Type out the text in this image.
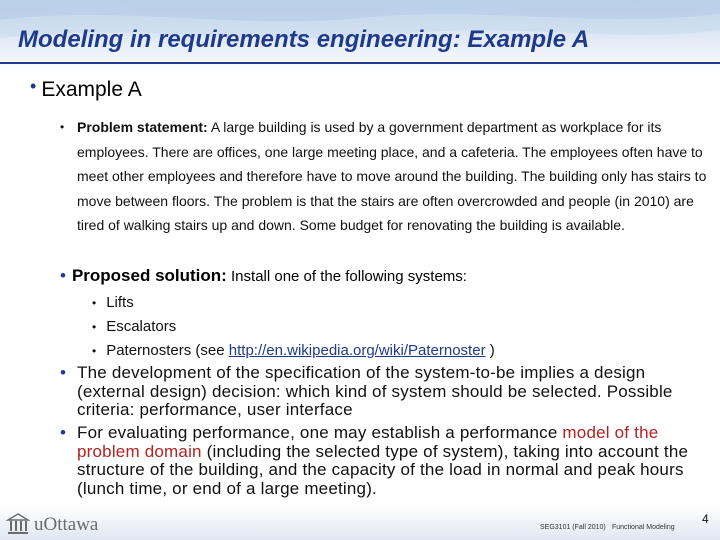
Modeling in requirements engineering: Example A
• Example A
• Problem statement: A large building is used by a government department as workplace for its employees. There are offices, one large meeting place, and a cafeteria. The employees often have to meet other employees and therefore have to move around the building. The building only has stairs to move between floors. The problem is that the stairs are often overcrowded and people (in 2010) are tired of walking stairs up and down. Some budget for renovating the building is available.
• Proposed solution: Install one of the following systems:
• Lifts
• Escalators
• Paternosters (see http://en.wikipedia.org/wiki/Paternoster )
• The development of the specification of the system-to-be implies a design (external design) decision: which kind of system should be selected. Possible criteria: performance, user interface
• For evaluating performance, one may establish a performance model of the problem domain (including the selected type of system), taking into account the structure of the building, and the capacity of the load in normal and peak hours (lunch time, or end of a large meeting).
uOttawa	SEG3101 (Fall 2010) Functional Modeling
4
